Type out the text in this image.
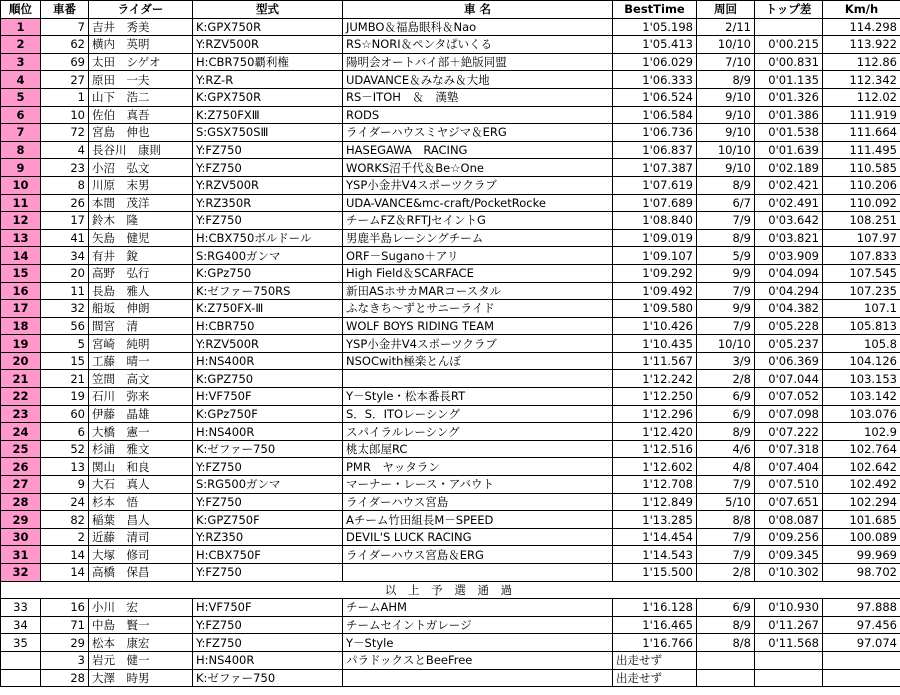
順位	車番	ライダー	型式	車 名	BestTime	周回	トップ差	Km/h
1	7	吉井　秀美	K:GPX750R	JUMBO＆福島眼科＆Nao	1'05.198	2/11		114.298
2	62	横内　英明	Y:RZV500R	RS☆NORI＆ペンタぱいくる	1'05.413	10/10	0'00.215	113.922
3	69	太田　シゲオ	H:CBR750覇利権	陽明会オートバイ部＋絶版同盟	1'06.029	7/10	0'00.831	112.86
4	27	原田　一夫	Y:RZ-R	UDAVANCE＆みなみ＆大地	1'06.333	8/9	0'01.135	112.342
5	1	山下　浩二	K:GPX750R	RS－ITOH　＆　漢塾	1'06.524	9/10	0'01.326	112.02
6	10	佐伯　真吾	K:Z750FXⅢ	RODS	1'06.584	9/10	0'01.386	111.919
7	72	宮島　伸也	S:GSX750SⅢ	ライダーハウスミヤジマ＆ERG	1'06.736	9/10	0'01.538	111.664
8	4	長谷川　康則	Y:FZ750	HASEGAWA　RACING	1'06.837	10/10	0'01.639	111.495
9	23	小沼　弘文	Y:FZ750	WORKS沼千代＆Be☆One	1'07.387	9/10	0'02.189	110.585
10	8	川原　末男	Y:RZV500R	YSP小金井V4スポーツクラブ	1'07.619	8/9	0'02.421	110.206
11	26	本間　茂洋	Y:RZ350R	UDA-VANCE&mc-craft/PocketRocke	1'07.689	6/7	0'02.491	110.092
12	17	鈴木　隆	Y:FZ750	チームFZ＆RFTJセイントG	1'08.840	7/9	0'03.642	108.251
13	41	矢島　健児	H:CBX750ボルドール	男鹿半島レーシングチーム	1'09.019	8/9	0'03.821	107.97
14	34	有井　銳	S:RG400ガンマ	ORF－Sugano＋アリ	1'09.107	5/9	0'03.909	107.833
15	20	高野　弘行	K:GPz750	High Field＆SCARFACE	1'09.292	9/9	0'04.094	107.545
16	11	長島　雅人	K:ゼファー750RS	新田ASホサカMARコースタル	1'09.492	7/9	0'04.294	107.235
17	32	船坂　伸朗	K:Z750FX-Ⅲ	ふなきち～ずとサニーライド	1'09.580	9/9	0'04.382	107.1
18	56	間宮　清	H:CBR750	WOLF BOYS RIDING TEAM	1'10.426	7/9	0'05.228	105.813
19	5	宮崎　純明	Y:RZV500R	YSP小金井V4スポーツクラブ	1'10.435	10/10	0'05.237	105.8
20	15	工藤　晴一	H:NS400R	NSOCwith極楽とんぼ	1'11.567	3/9	0'06.369	104.126
21	21	笠間　高文	K:GPZ750		1'12.242	2/8	0'07.044	103.153
22	19	石川　弥来	H:VF750F	Y－Style・松本番長RT	1'12.250	6/9	0'07.052	103.142
23	60	伊藤　晶雄	K:GPz750F	S．S．ITOレーシング	1'12.296	6/9	0'07.098	103.076
24	6	大橋　憲一	H:NS400R	スパイラルレーシング	1'12.420	8/9	0'07.222	102.9
25	52	杉浦　雅文	K:ゼファー750	桃太郎屋RC	1'12.516	4/6	0'07.318	102.764
26	13	関山　和良	Y:FZ750	PMR　ヤッタラン	1'12.602	4/8	0'07.404	102.642
27	9	大石　真人	S:RG500ガンマ	マーナー・レース・アバウト	1'12.708	7/9	0'07.510	102.492
28	24	杉本　悟	Y:FZ750	ライダーハウス宮島	1'12.849	5/10	0'07.651	102.294
29	82	稲葉　昌人	K:GPZ750F	Aチーム竹田組長M－SPEED	1'13.285	8/8	0'08.087	101.685
30	2	近藤　清司	Y:RZ350	DEVIL'S LUCK RACING	1'14.454	7/9	0'09.256	100.089
31	14	大塚　修司	H:CBX750F	ライダーハウス宮島＆ERG	1'14.543	7/9	0'09.345	99.969
32	14	高橋　保昌	Y:FZ750		1'15.500	2/8	0'10.302	98.702
以 上 予 選 通 過								
33	16	小川　宏	H:VF750F	チームAHM	1'16.128	6/9	0'10.930	97.888
34	71	中島　賢一	Y:FZ750	チームセイントガレージ	1'16.465	8/9	0'11.267	97.456
35	29	松本　康宏	Y:FZ750	Y－Style	1'16.766	8/8	0'11.568	97.074
	3	岩元　健一	H:NS400R	パラドックスとBeeFree	出走せず			
	28	大澤　時男	K:ゼファー750		出走せず			
